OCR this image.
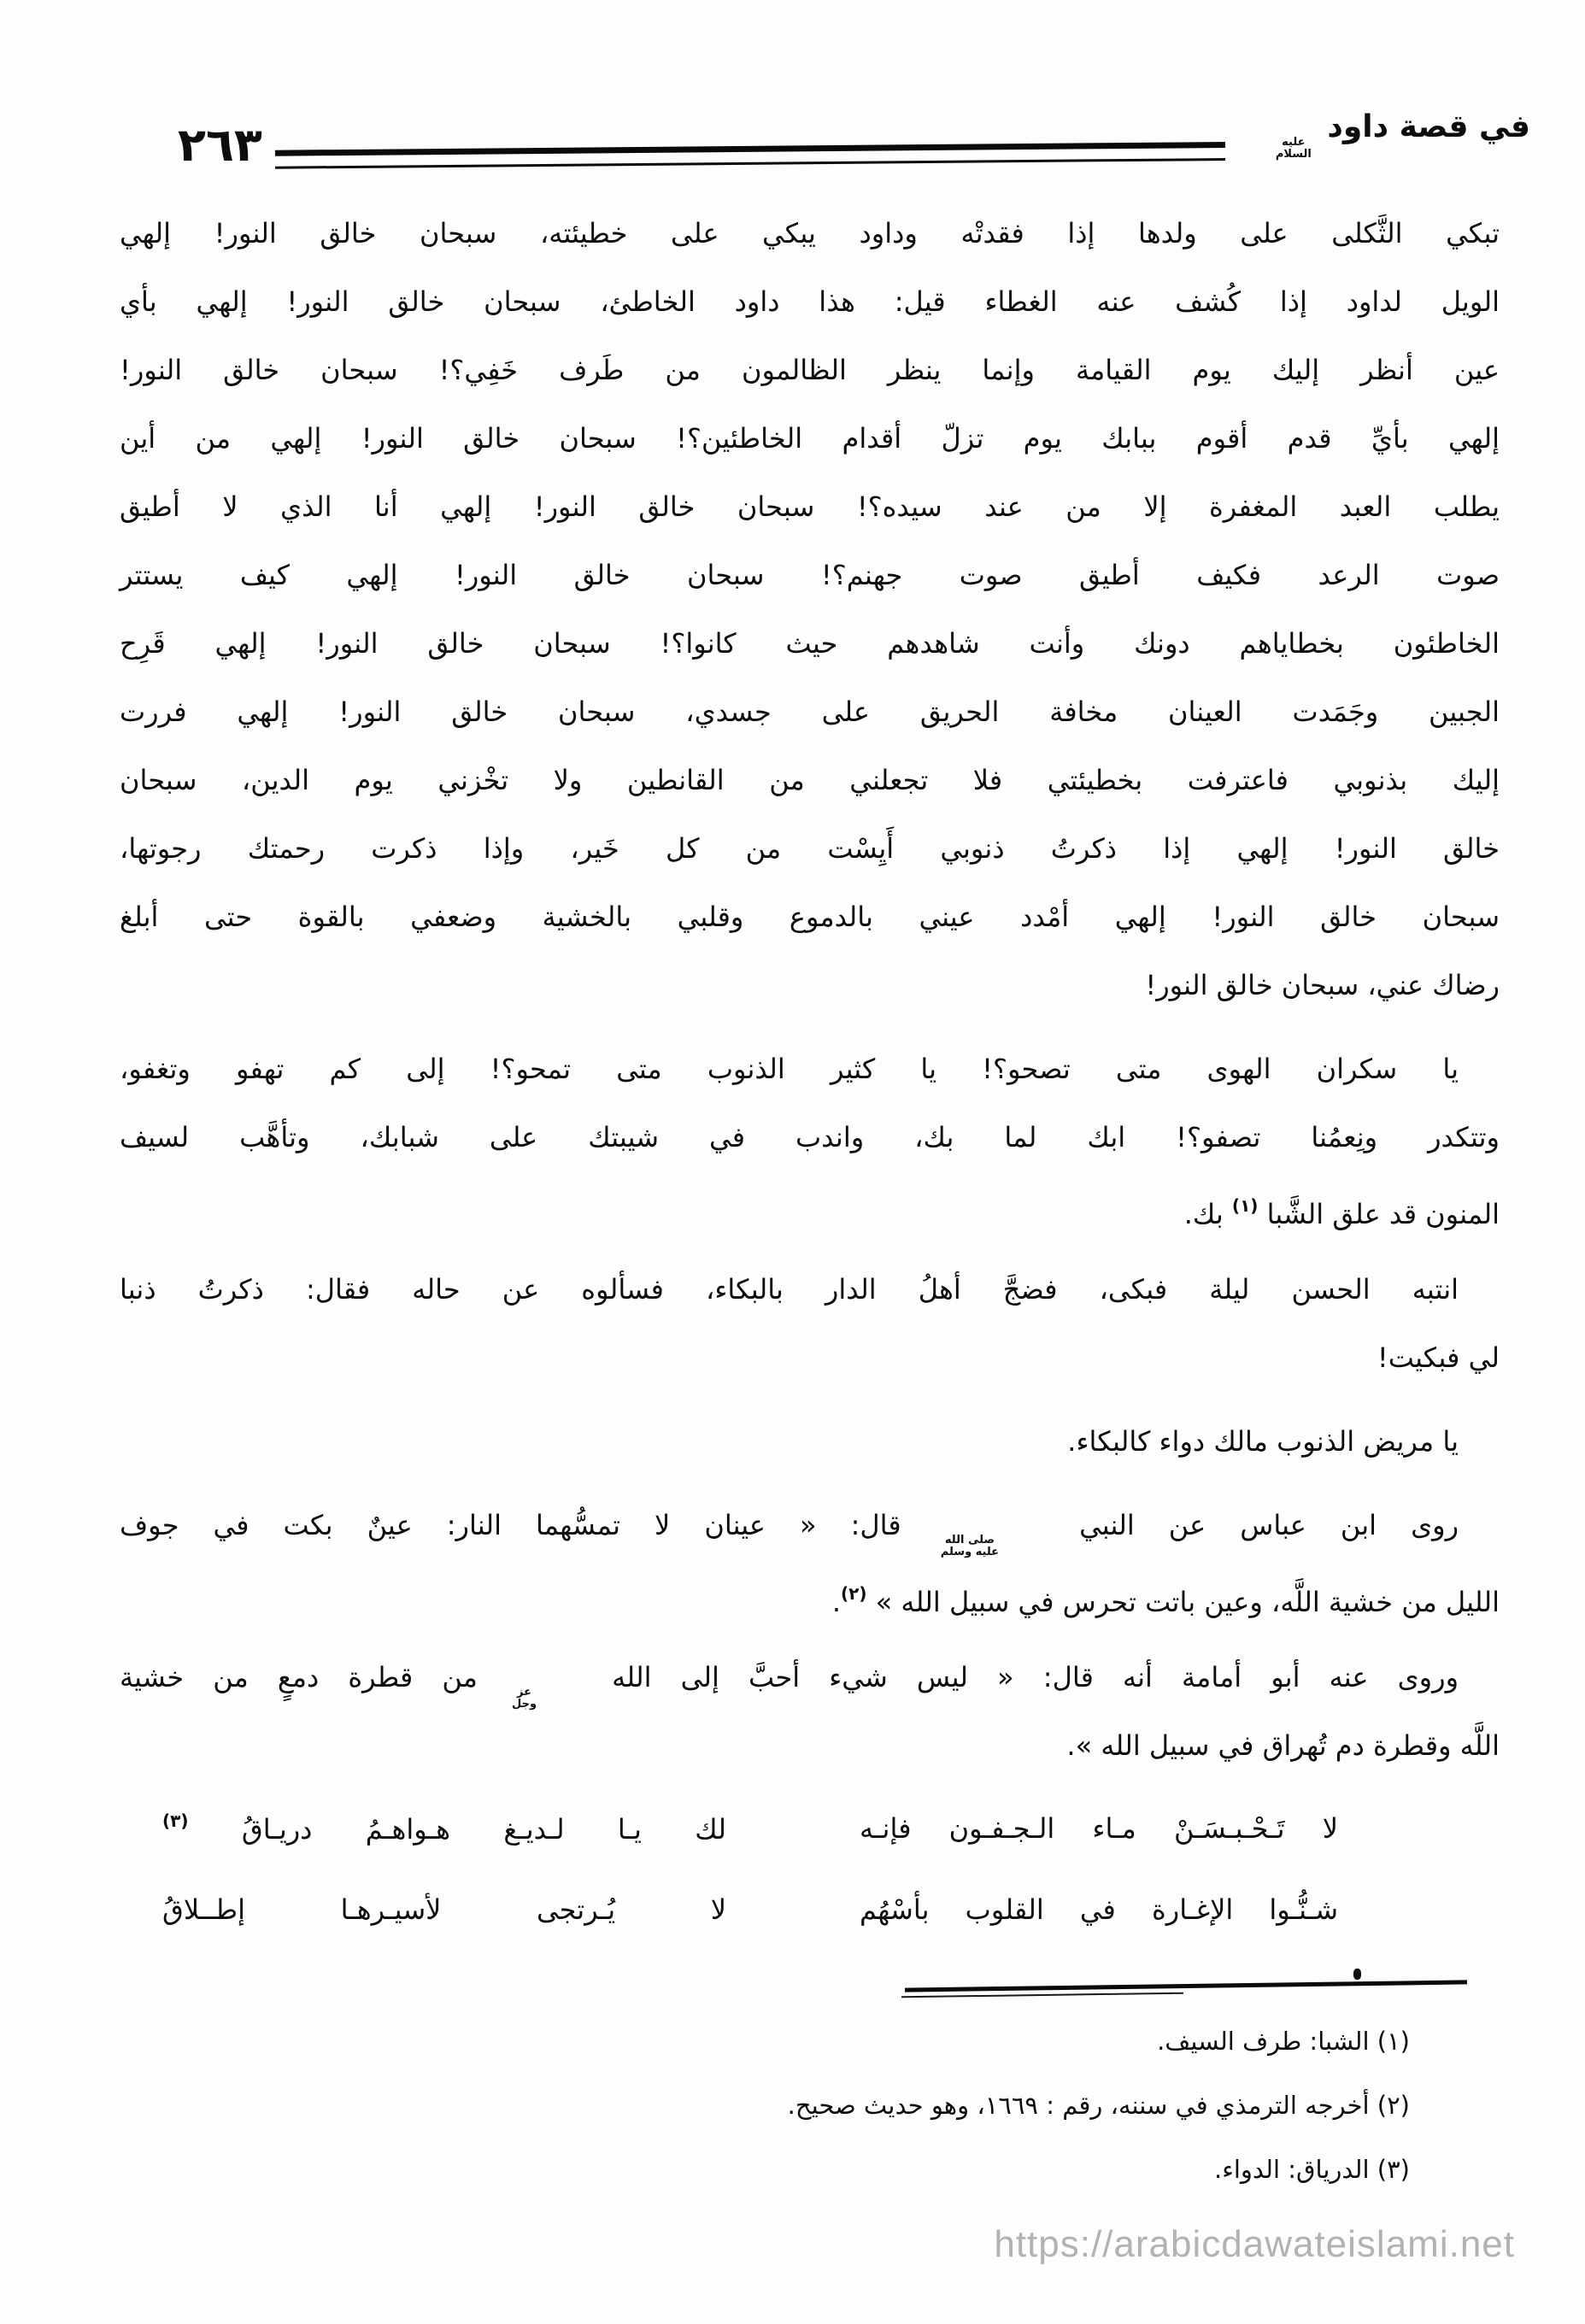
٢٦٣	في قصة داود
عليه
السلام
تبكي الثَّكلى على ولدها إذا فقدتْه وداود يبكي على خطيئته، سبحان خالق النور! إلهي
الويل لداود إذا كُشف عنه الغطاء قيل: هذا داود الخاطئ، سبحان خالق النور! إلهي بأي
عين أنظر إليك يوم القيامة وإنما ينظر الظالمون من طَرف خَفِي؟! سبحان خالق النور!
إلهي بأيِّ قدم أقوم ببابك يوم تزلّ أقدام الخاطئين؟! سبحان خالق النور! إلهي من أين
يطلب العبد المغفرة إلا من عند سيده؟! سبحان خالق النور! إلهي أنا الذي لا أطيق
صوت الرعد فكيف أطيق صوت جهنم؟! سبحان خالق النور! إلهي كيف يستتر
الخاطئون بخطاياهم دونك وأنت شاهدهم حيث كانوا؟! سبحان خالق النور! إلهي قَرِح
الجبين وجَمَدت العينان مخافة الحريق على جسدي، سبحان خالق النور! إلهي فررت
إليك بذنوبي فاعترفت بخطيئتي فلا تجعلني من القانطين ولا تخْزني يوم الدين، سبحان
خالق النور! إلهي إذا ذكرتُ ذنوبي أَيِسْت من كل خَير، وإذا ذكرت رحمتك رجوتها،
سبحان خالق النور! إلهي أمْدد عيني بالدموع وقلبي بالخشية وضعفي بالقوة حتى أبلغ
رضاك عني، سبحان خالق النور!
يا سكران الهوى متى تصحو؟! يا كثير الذنوب متى تمحو؟! إلى كم تهفو وتغفو،
وتتكدر ونِعمُنا تصفو؟! ابك لما بك، واندب في شيبتك على شبابك، وتأهَّب لسيف
المنون قد علق الشَّبا $^{(١)}$ بك.
انتبه الحسن ليلة فبكى، فضجَّ أهلُ الدار بالبكاء، فسألوه عن حاله فقال: ذكرتُ ذنبا
لي فبكيت!
يا مريض الذنوب مالك دواء كالبكاء.
روى ابن عباس عن النبي
صلى الله
عليه وسلم
قال: « عينان لا تمسُّهما النار: عينٌ بكت في جوف
الليل من خشية اللَّه، وعين باتت تحرس في سبيل الله » $^{(٢)}$.
وروى عنه أبو أمامة أنه قال: « ليس شيء أحبَّ إلى الله
عز
وجل
من قطرة دمعٍ من خشية
اللَّه وقطرة دم تُهراق في سبيل الله ».
لا تَـحْـبـسَـنْ مـاء الـجـفـون فإنـه
لك يـا لـديـغ هـواهـمُ دريـاقُ $^{(٣)}$
شـنُّـوا الإغـارة في القلوب بأسْهُم
لا يُـرتجى لأسيـرهـا إطــلاقُ
(١) الشبا: طرف السيف.
(٢) أخرجه الترمذي في سننه، رقم : ١٦٦٩، وهو حديث صحيح.
(٣) الدرياق: الدواء.
https://arabicdawateislami.net
